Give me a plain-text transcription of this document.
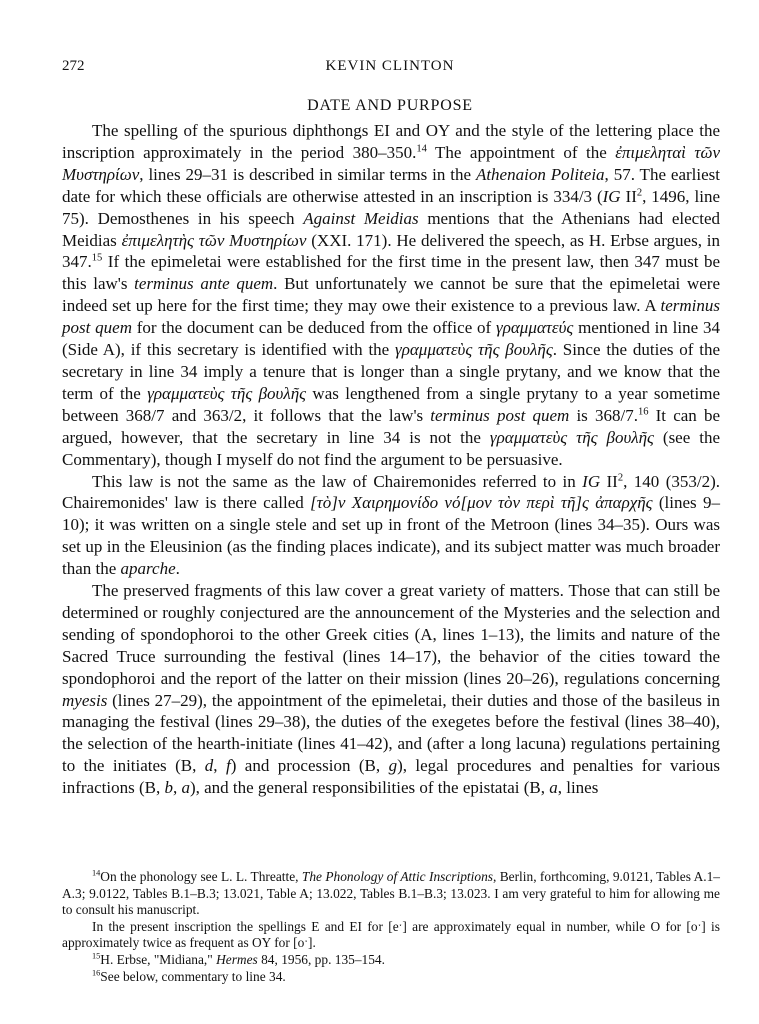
272	KEVIN CLINTON
DATE AND PURPOSE

The spelling of the spurious diphthongs EI and OY and the style of the lettering place the inscription approximately in the period 380–350.14 The appointment of the ἐπιμεληταὶ τῶν Μυστηρίων, lines 29–31 is described in similar terms in the Athenaion Politeia, 57. The earliest date for which these officials are otherwise attested in an inscription is 334/3 (IG $II^2$, 1496, line 75). Demosthenes in his speech Against Meidias mentions that the Athenians had elected Meidias ἐπιμελητὴς τῶν Μυστηρίων (XXI. 171). He delivered the speech, as H. Erbse argues, in 347.15 If the epimeletai were established for the first time in the present law, then 347 must be this law's terminus ante quem. But unfortunately we cannot be sure that the epimeletai were indeed set up here for the first time; they may owe their existence to a previous law. A terminus post quem for the document can be deduced from the office of γραμματεύς mentioned in line 34 (Side A), if this secretary is identified with the γραμματεὺς τῆς βουλῆς. Since the duties of the secretary in line 34 imply a tenure that is longer than a single prytany, and we know that the term of the γραμματεὺς τῆς βουλῆς was lengthened from a single prytany to a year sometime between 368/7 and 363/2, it follows that the law's terminus post quem is 368/7.16 It can be argued, however, that the secretary in line 34 is not the γραμματεὺς τῆς βουλῆς (see the Commentary), though I myself do not find the argument to be persuasive.

This law is not the same as the law of Chairemonides referred to in IG $II^2$, 140 (353/2). Chairemonides' law is there called [τὸ]ν Χαιρημονίδο νό[μον τὸν περὶ τῆ]ς ἀπαρχῆς (lines 9–10); it was written on a single stele and set up in front of the Metroon (lines 34–35). Ours was set up in the Eleusinion (as the finding places indicate), and its subject matter was much broader than the aparche.

The preserved fragments of this law cover a great variety of matters. Those that can still be determined or roughly conjectured are the announcement of the Mysteries and the selection and sending of spondophoroi to the other Greek cities (A, lines 1–13), the limits and nature of the Sacred Truce surrounding the festival (lines 14–17), the behavior of the cities toward the spondophoroi and the report of the latter on their mission (lines 20–26), regulations concerning myesis (lines 27–29), the appointment of the epimeletai, their duties and those of the basileus in managing the festival (lines 29–38), the duties of the exegetes before the festival (lines 38–40), the selection of the hearth-initiate (lines 41–42), and (after a long lacuna) regulations pertaining to the initiates (B, d, f) and procession (B, g), legal procedures and penalties for various infractions (B, b, a), and the general responsibilities of the epistatai (B, a, lines

$^{14}$On the phonology see L. L. Threatte, The Phonology of Attic Inscriptions, Berlin, forthcoming, 9.0121, Tables A.1–A.3; 9.0122, Tables B.1–B.3; 13.021, Table A; 13.022, Tables B.1–B.3; 13.023. I am very grateful to him for allowing me to consult his manuscript.

In the present inscription the spellings E and EI for [eˑ] are approximately equal in number, while O for [oˑ] is approximately twice as frequent as OY for [oˑ].

$^{15}$H. Erbse, "Midiana," Hermes 84, 1956, pp. 135–154.

$^{16}$See below, commentary to line 34.
